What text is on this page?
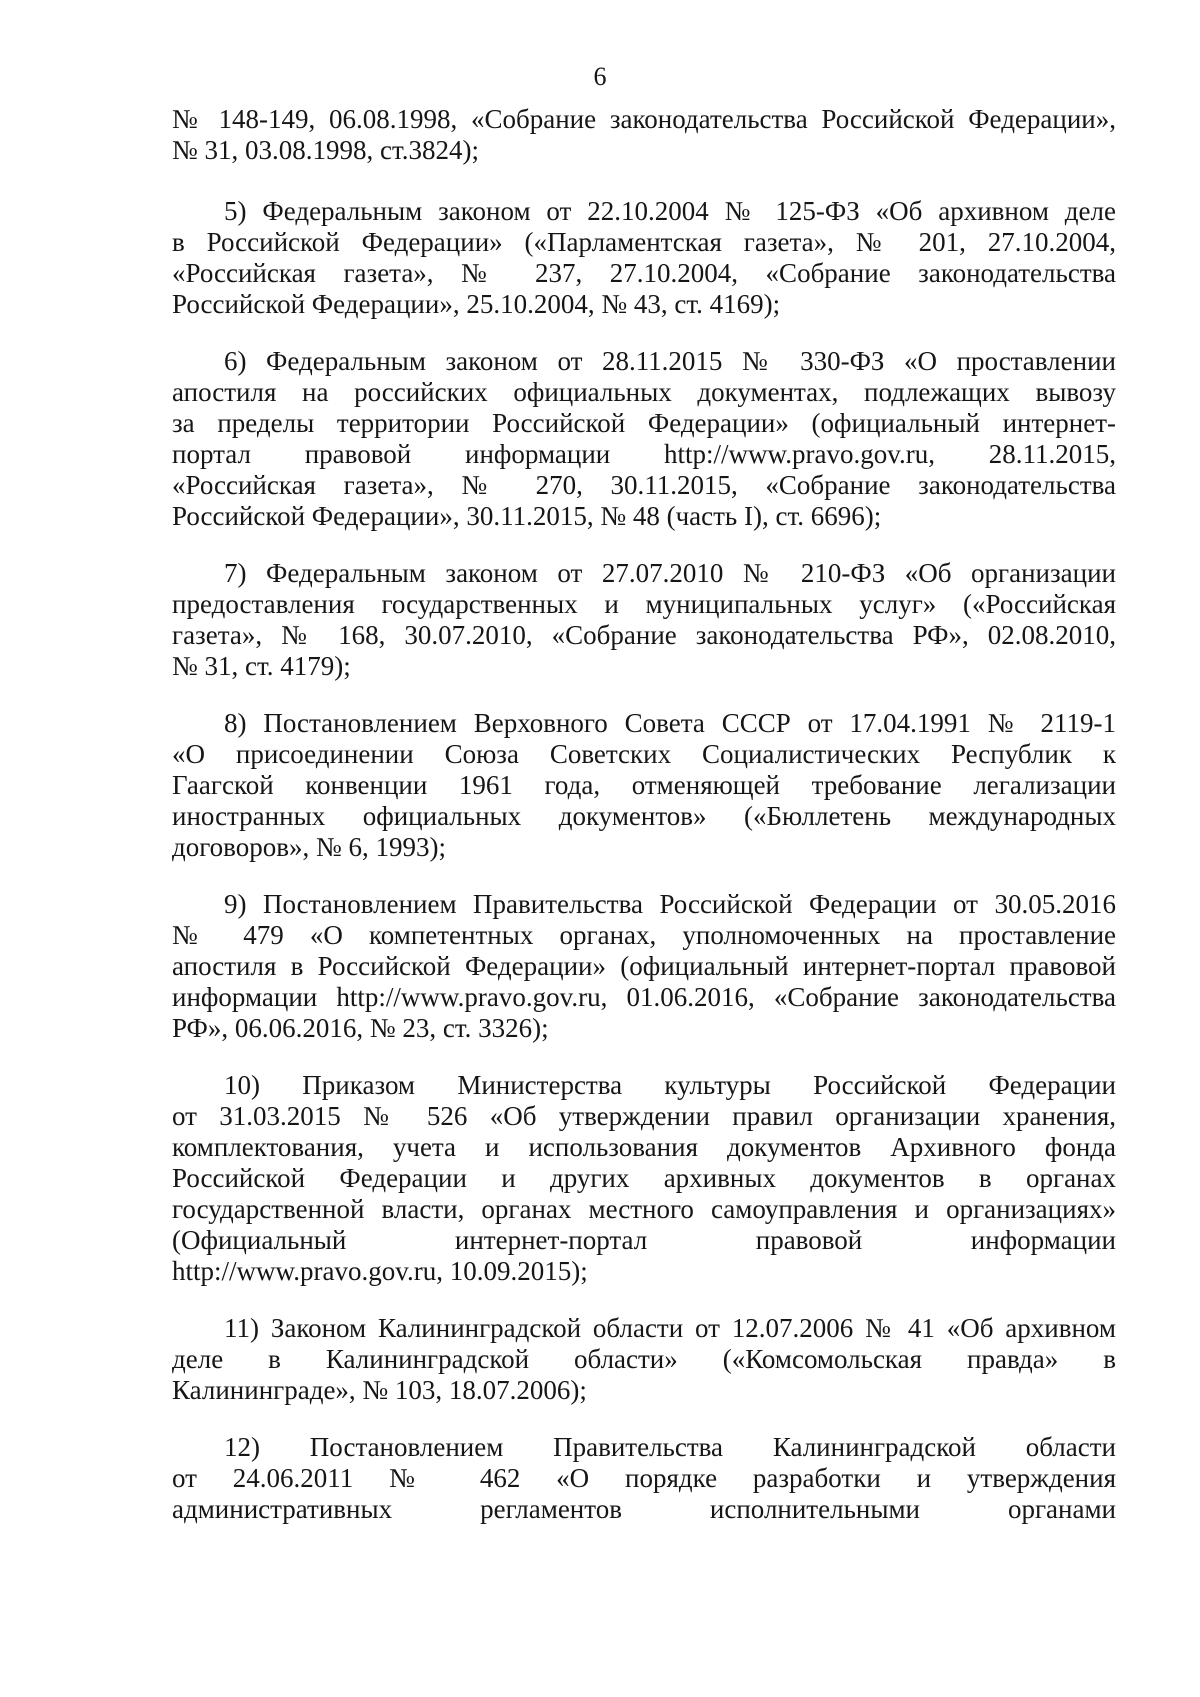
6
№ 148-149, 06.08.1998, «Собрание законодательства Российской Федерации»,
№ 31, 03.08.1998, ст.3824);
5) Федеральным законом от 22.10.2004 № 125-ФЗ «Об архивном деле
в Российской Федерации» («Парламентская газета», № 201, 27.10.2004,
«Российская газета», № 237, 27.10.2004, «Собрание законодательства
Российской Федерации», 25.10.2004, № 43, ст. 4169);
6) Федеральным законом от 28.11.2015 № 330-ФЗ «О проставлении
апостиля на российских официальных документах, подлежащих вывозу
за пределы территории Российской Федерации» (официальный интернет-
портал правовой информации http://www.pravo.gov.ru, 28.11.2015,
«Российская газета», № 270, 30.11.2015, «Собрание законодательства
Российской Федерации», 30.11.2015, № 48 (часть I), ст. 6696);
7) Федеральным законом от 27.07.2010 № 210-ФЗ «Об организации
предоставления государственных и муниципальных услуг» («Российская
газета», № 168, 30.07.2010, «Собрание законодательства РФ», 02.08.2010,
№ 31, ст. 4179);
8) Постановлением Верховного Совета СССР от 17.04.1991 № 2119-1
«О присоединении Союза Советских Социалистических Республик к
Гаагской конвенции 1961 года, отменяющей требование легализации
иностранных официальных документов» («Бюллетень международных
договоров», № 6, 1993);
9) Постановлением Правительства Российской Федерации от 30.05.2016
№ 479 «О компетентных органах, уполномоченных на проставление
апостиля в Российской Федерации» (официальный интернет-портал правовой
информации http://www.pravo.gov.ru, 01.06.2016, «Собрание законодательства
РФ», 06.06.2016, № 23, ст. 3326);
10) Приказом Министерства культуры Российской Федерации
от 31.03.2015 № 526 «Об утверждении правил организации хранения,
комплектования, учета и использования документов Архивного фонда
Российской Федерации и других архивных документов в органах
государственной власти, органах местного самоуправления и организациях»
(Официальный интернет-портал правовой информации
http://www.pravo.gov.ru, 10.09.2015);
11) Законом Калининградской области от 12.07.2006 № 41 «Об архивном
деле в Калининградской области» («Комсомольская правда» в
Калининграде», № 103, 18.07.2006);
12) Постановлением Правительства Калининградской области
от 24.06.2011 № 462 «О порядке разработки и утверждения
административных регламентов исполнительными органами
